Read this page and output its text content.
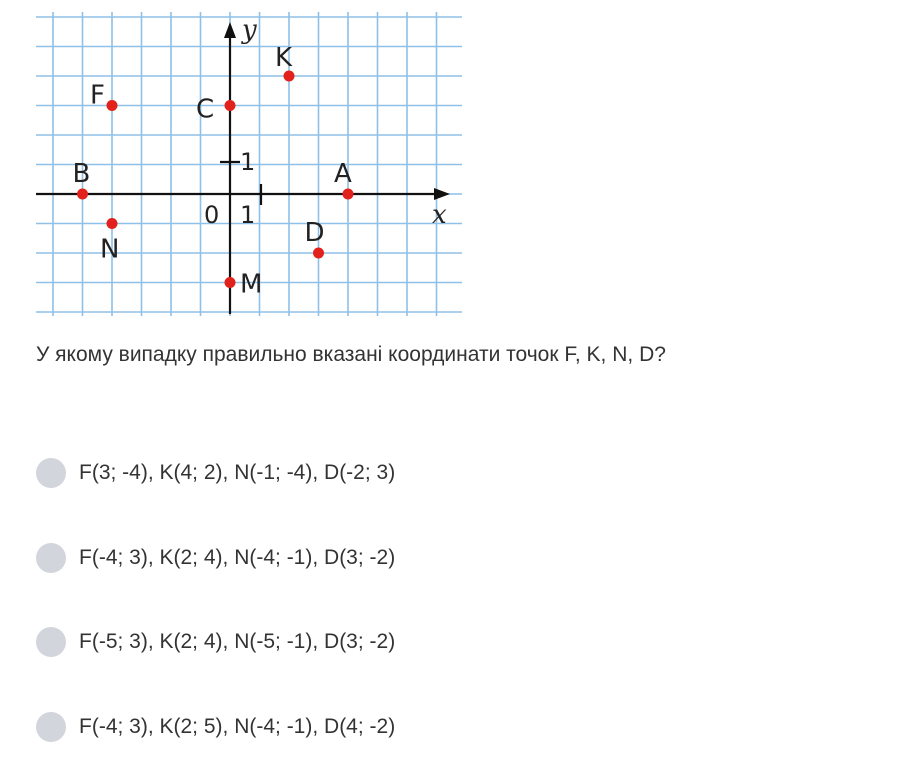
x
y
0 1
1	A
B
C
D
F
K
M
N

У якому випадку правильно вказані координати точок F, K, N, D?

F(3; -4), K(4; 2), N(-1; -4), D(-2; 3)
F(-4; 3), K(2; 4), N(-4; -1), D(3; -2)
F(-5; 3), K(2; 4), N(-5; -1), D(3; -2)
F(-4; 3), K(2; 5), N(-4; -1), D(4; -2)
